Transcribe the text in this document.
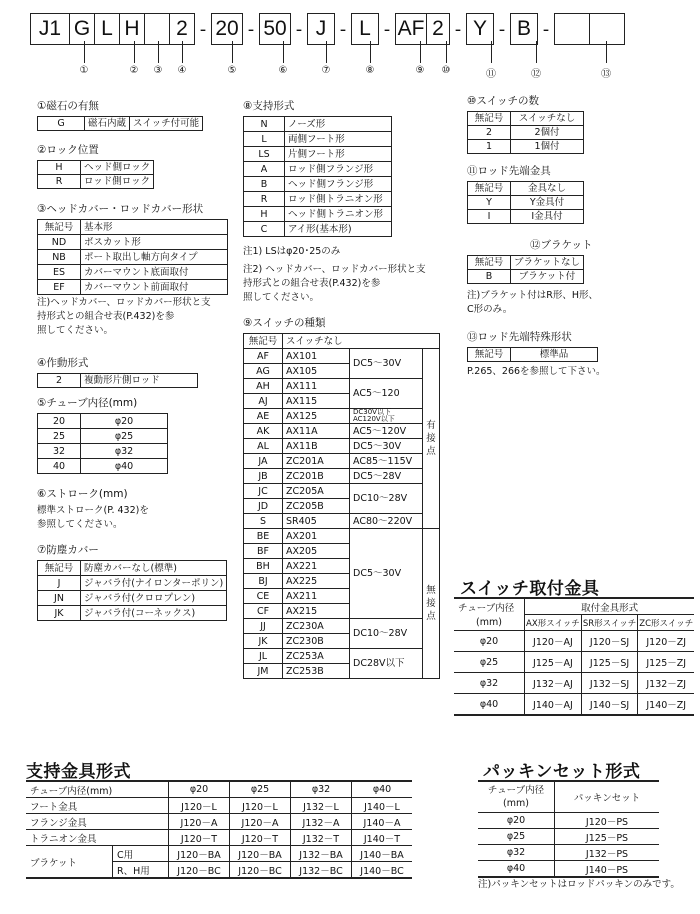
J1 G L H	2 - 20 - 50 - J - L - AF 2 - Y - B -
①	②	③	④	⑤	⑥	⑦	⑧	⑨	⑩	⑪	⑫	⑬
①磁石の有無
G	磁石内蔵	スイッチ付可能
②ロック位置
H	ヘッド側ロック
R	ロッド側ロック
③ヘッドカバー・ロッドカバー形状
無記号	基本形
ND	ボスカット形
NB	ポート取出し軸方向タイプ
ES	カバーマウント底面取付
EF	カバーマウント前面取付
注)ヘッドカバー、ロッドカバー形状と支
持形式との組合せ表(P.432)を参
照してください。
④作動形式
2	複動形片側ロッド
⑤チューブ内径(mm)
20	φ20
25	φ25
32	φ32
40	φ40
⑥ストローク(mm)
標準ストローク(P. 432)を
参照してください。
⑦防塵カバー
無記号	防塵カバーなし(標準)
J	ジャバラ付(ナイロンターポリン)
JN	ジャバラ付(クロロプレン)
JK	ジャバラ付(コーネックス)
⑧支持形式
N	ノーズ形
L	両側フート形
LS	片側フート形
A	ロッド側フランジ形
B	ヘッド側フランジ形
R	ロッド側トラニオン形
H	ヘッド側トラニオン形
C	アイ形(基本形)
注1) LSはφ20･25のみ
注2) ヘッドカバー、ロッドカバー形状と支
持形式との組合せ表(P.432)を参
照してください。
⑨スイッチの種類
無記号	スイッチなし		
AF	AX101	DC5～30V	有
接
点

AG	AX105		
AH	AX111	AC5～120	
AJ	AX115		
AE	AX125	DC30V以下
AC120V以下	

AK	AX11A	AC5～120V	
AL	AX11B	DC5～30V	
JA	ZC201A	AC85～115V	
JB	ZC201B	DC5～28V	
JC	ZC205A	DC10～28V	
JD	ZC205B		
S	SR405	AC80～220V	
BE	AX201	DC5～30V	無
接
点

BF	AX205		
BH	AX221		
BJ	AX225		
CE	AX211		
CF	AX215		
JJ	ZC230A	DC10～28V	
JK	ZC230B		
JL	ZC253A	DC28V以下	
JM	ZC253B		
⑩スイッチの数
無記号	スイッチなし
2	2個付
1	1個付
⑪ロッド先端金具
無記号	金具なし
Y	Y金具付
I	I金具付
⑫ブラケット
無記号	ブラケットなし
B	ブラケット付
注)ブラケット付はR形、H形、
C形のみ。
⑬ロッド先端特殊形状
無記号	標準品
P.265、266を参照して下さい。
スイッチ取付金具
チューブ内径	取付金具形式		
(mm)	AX形スイッチ	SR形スイッチ	ZC形スイッチ
φ20	J120－AJ	J120－SJ	J120－ZJ
φ25	J125－AJ	J125－SJ	J125－ZJ
φ32	J132－AJ	J132－SJ	J132－ZJ
φ40	J140－AJ	J140－SJ	J140－ZJ
支持金具形式
チューブ内径(mm)		φ20	φ25	φ32	φ40
フート金具		J120－L	J120－L	J132－L	J140－L
フランジ金具		J120－A	J120－A	J132－A	J140－A
トラニオン金具		J120－T	J120－T	J132－T	J140－T
ブラケット	C用	J120－BA	J120－BA	J132－BA	J140－BA
	R、H用	J120－BC	J120－BC	J132－BC	J140－BC
パッキンセット形式
チューブ内径
(mm)	パッキンセット
φ20	J120－PS
φ25	J125－PS
φ32	J132－PS
φ40	J140－PS
注)パッキンセットはロッドパッキンのみです。
